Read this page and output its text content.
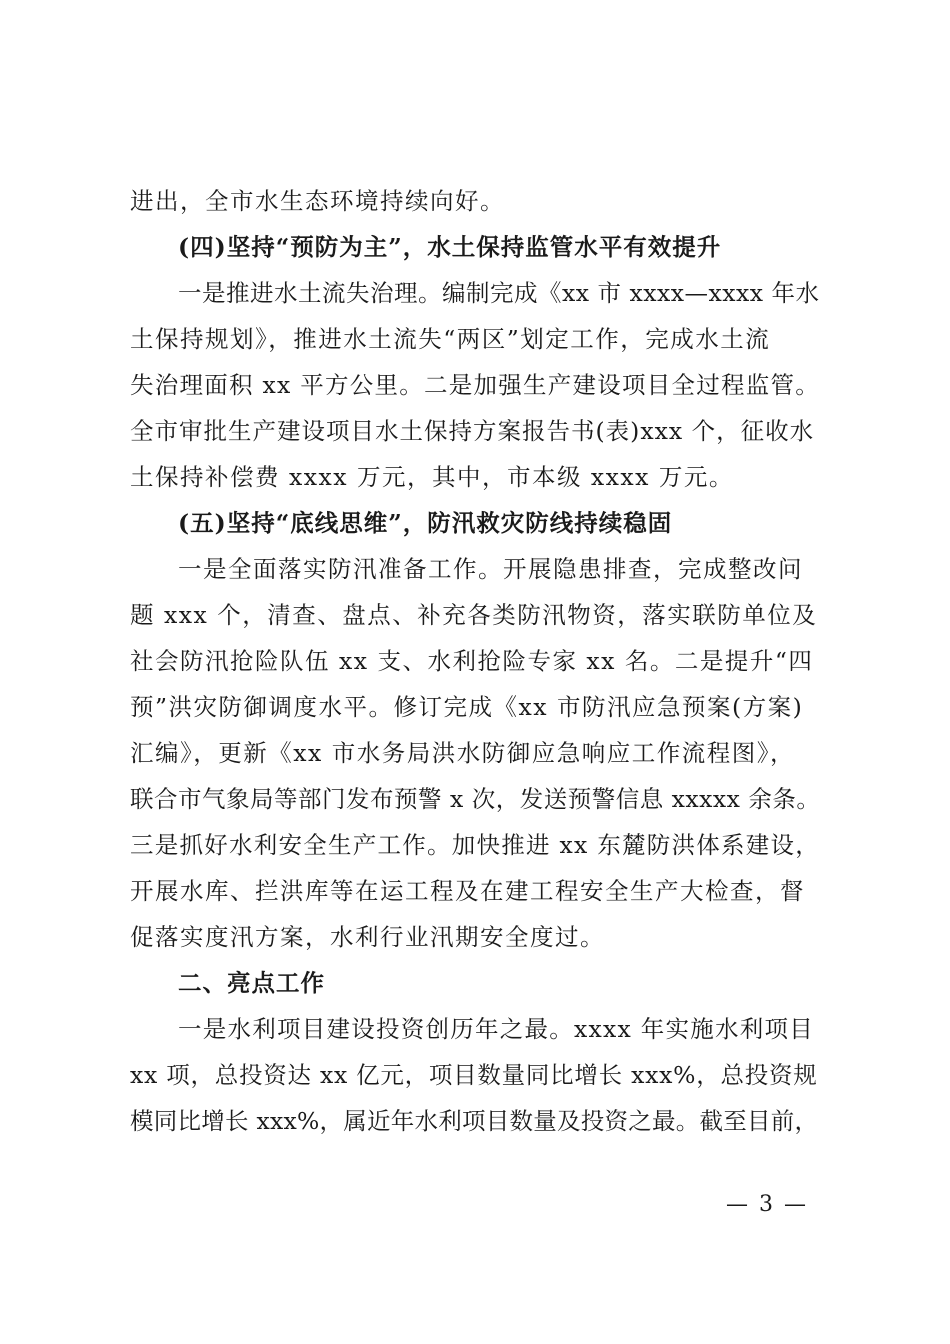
进出，全市水生态环境持续向好。
(四)坚持“预防为主”，水土保持监管水平有效提升
一是推进水土流失治理。编制完成《xx 市 xxxx—xxxx 年水
土保持规划》，推进水土流失“两区”划定工作，完成水土流
失治理面积 xx 平方公里。二是加强生产建设项目全过程监管。
全市审批生产建设项目水土保持方案报告书(表)xxx 个，征收水
土保持补偿费 xxxx 万元，其中，市本级 xxxx 万元。
(五)坚持“底线思维”，防汛救灾防线持续稳固
一是全面落实防汛准备工作。开展隐患排查，完成整改问
题 xxx 个，清查、盘点、补充各类防汛物资，落实联防单位及
社会防汛抢险队伍 xx 支、水利抢险专家 xx 名。二是提升“四
预”洪灾防御调度水平。修订完成《xx 市防汛应急预案(方案)
汇编》，更新《xx 市水务局洪水防御应急响应工作流程图》，
联合市气象局等部门发布预警 x 次，发送预警信息 xxxxx 余条。
三是抓好水利安全生产工作。加快推进 xx 东麓防洪体系建设，
开展水库、拦洪库等在运工程及在建工程安全生产大检查，督
促落实度汛方案，水利行业汛期安全度过。
二、亮点工作
一是水利项目建设投资创历年之最。xxxx 年实施水利项目
xx 项，总投资达 xx 亿元，项目数量同比增长 xxx%，总投资规
模同比增长 xxx%，属近年水利项目数量及投资之最。截至目前，
— 3 —
